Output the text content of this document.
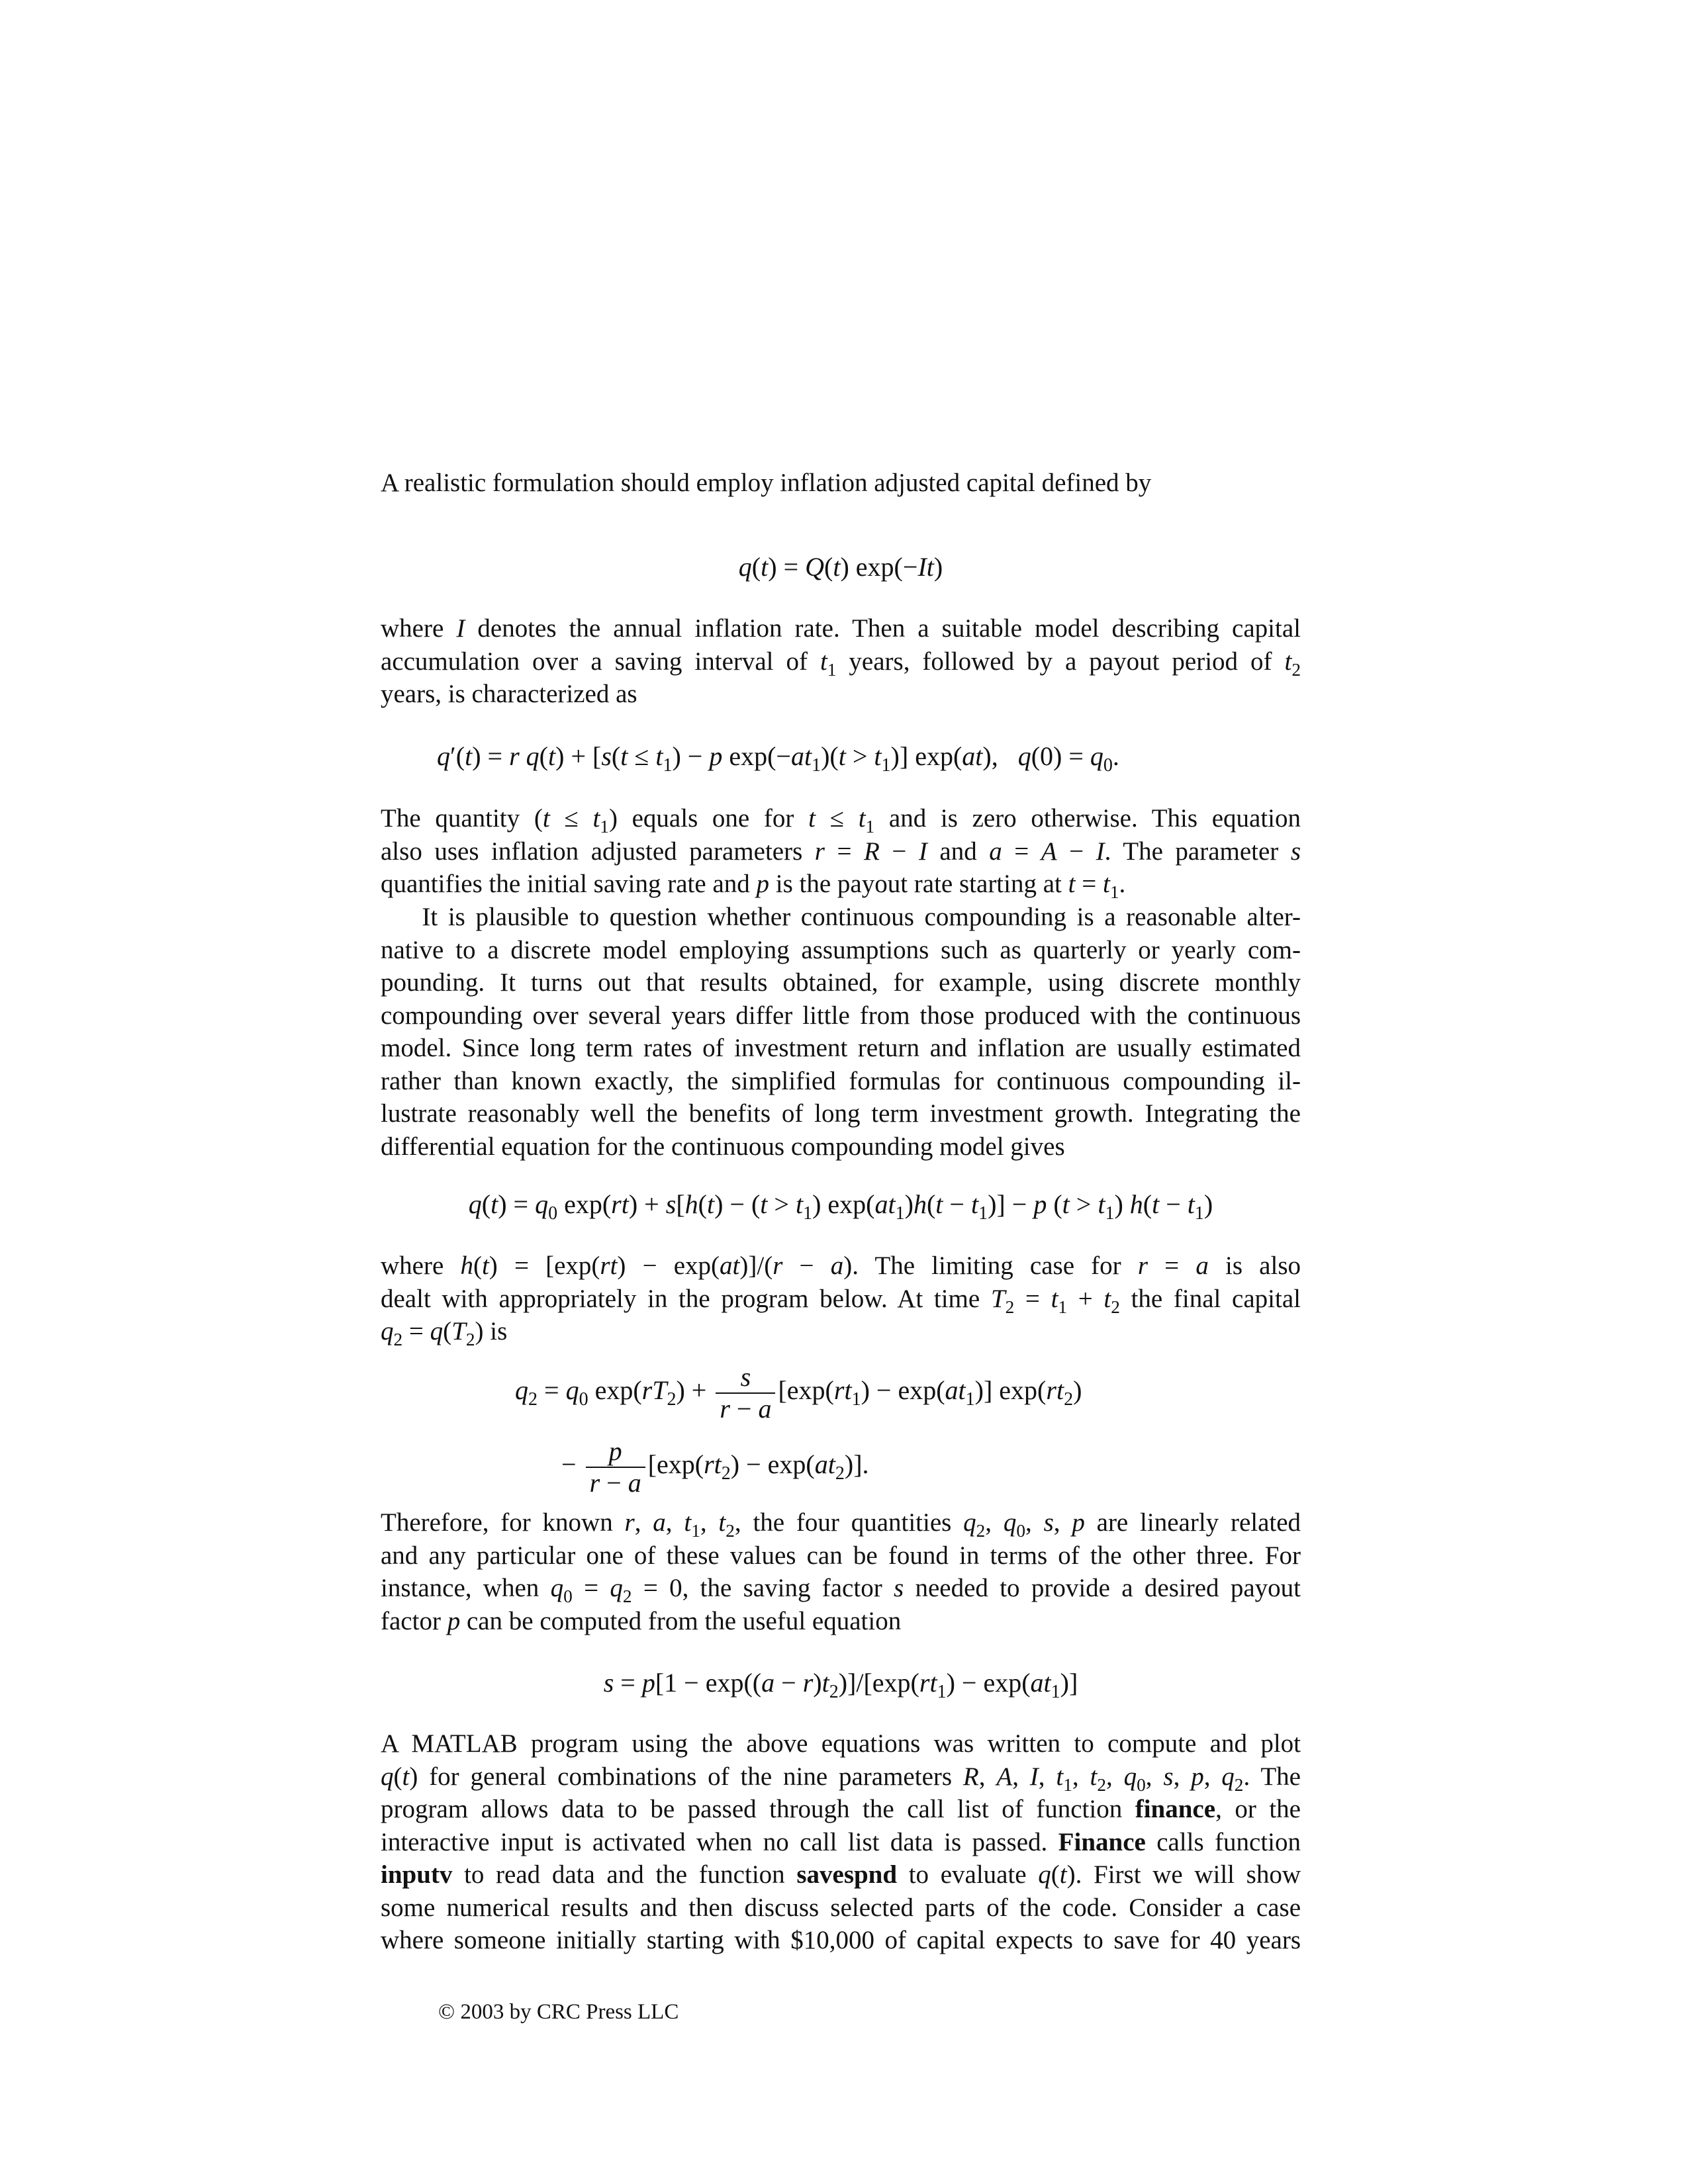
A realistic formulation should employ inflation adjusted capital defined by

q(t) = Q(t) exp(−It)

where I denotes the annual inflation rate. Then a suitable model describing capital
accumulation over a saving interval of $t_1$ years, followed by a payout period of $t_2$
years, is characterized as

q′(t) = r $q(t) + [s(t \le t_1) - p$ $\exp(-at_1)(t > t_1)$] exp(at),   $q(0) = q_0$.

The quantity $(t \le t_1)$ equals one for $t \le t_1$ and is zero otherwise. This equation
also uses inflation adjusted parameters r = R − I and a = A − I. The parameter s
quantifies the initial saving rate and p is the payout rate starting at $t = t_1$.

It is plausible to question whether continuous compounding is a reasonable alter-
native to a discrete model employing assumptions such as quarterly or yearly com-
pounding. It turns out that results obtained, for example, using discrete monthly
compounding over several years differ little from those produced with the continuous
model. Since long term rates of investment return and inflation are usually estimated
rather than known exactly, the simplified formulas for continuous compounding il-
lustrate reasonably well the benefits of long term investment growth. Integrating the
differential equation for the continuous compounding model gives

$q(t) = q_0$ $\exp(rt) + s[h(t) - (t > t_1)$ $\exp(at_1)h(t - t_1)] - p$ $(t > t_1)$ $h(t - t_1)$

where h(t) = [exp(rt) − exp(at)]/(r − a). The limiting case for r = a is also
dealt with appropriately in the program below. At time $T_2 = t_1 + t_2$ the final capital
$q_2 = q(T_2)$ is

$q_2 = q_0$ $\exp(rT_2) + \frac{s}{r - a} [\exp(rt_1) - \exp(at_1)]$ $\exp(rt_2)$
− $\frac{p}{r - a} [\exp(rt_2) - \exp(at_2)]$.

Therefore, for known r, a, $t_1$, $t_2$, the four quantities $q_2$, $q_0$, s, p are linearly related
and any particular one of these values can be found in terms of the other three. For
instance, when $q_0 = q_2 = 0$, the saving factor s needed to provide a desired payout
factor p can be computed from the useful equation

$s = p[1 - \exp((a - r)t_2)]/[\exp(rt_1) - \exp(at_1)]$

A MATLAB program using the above equations was written to compute and plot
q(t) for general combinations of the nine parameters R, A, I, $t_1$, $t_2$, $q_0$, s, p, $q_2$. The
program allows data to be passed through the call list of function finance, or the
interactive input is activated when no call list data is passed. Finance calls function
inputv to read data and the function savespnd to evaluate q(t). First we will show
some numerical results and then discuss selected parts of the code. Consider a case
where someone initially starting with $10,000 of capital expects to save for 40 years

© 2003 by CRC Press LLC
